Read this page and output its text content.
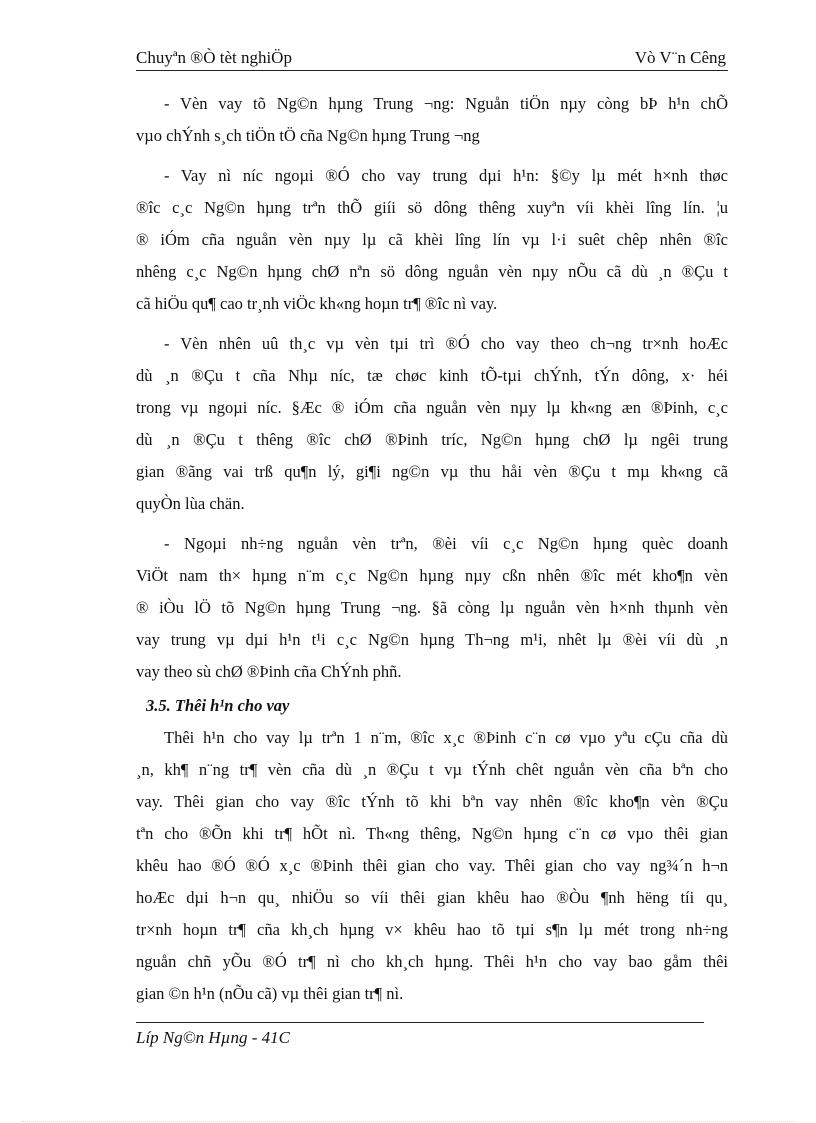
Chuyªn ®Ò tèt nghiÖp	Vò V¨n Cêng
- Vèn vay tõ Ng©n hµng Trung ¬ng: Nguån tiÖn nµy còng bÞ h¹n chÕ
vµo chÝnh s¸ch tiÖn tÖ cña Ng©n hµng Trung ¬ng
- Vay nì níc ngoµi ®Ó cho vay trung dµi h¹n: §©y lµ mét h×nh thøc
®îc c¸c Ng©n hµng trªn thÕ giíi sö dông thêng xuyªn víi khèi lîng lín. ¦u
® iÓm cña nguån vèn nµy lµ cã khèi lîng lín vµ l·i suêt chêp nhên ®îc
nhêng c¸c Ng©n hµng chØ nªn sö dông nguån vèn nµy nÕu cã dù ¸n ®Çu t
cã hiÖu qu¶ cao tr¸nh viÖc kh«ng hoµn tr¶ ®îc nì vay.
- Vèn nhên uû th¸c vµ vèn tµi trì ®Ó cho vay theo ch¬ng tr×nh hoÆc
dù ¸n ®Çu t cña Nhµ níc, tæ chøc kinh tÕ-tµi chÝnh, tÝn dông, x· héi
trong vµ ngoµi níc. §Æc ® iÓm cña nguån vèn nµy lµ kh«ng æn ®Þinh, c¸c
dù ¸n ®Çu t thêng ®îc chØ ®Þinh tríc, Ng©n hµng chØ lµ ngêi trung
gian ®ãng vai trß qu¶n lý, gi¶i ng©n vµ thu håi vèn ®Çu t mµ kh«ng cã
quyÒn lùa chän.
- Ngoµi nh÷ng nguån vèn trªn, ®èi víi c¸c Ng©n hµng quèc doanh
ViÖt nam th× hµng n¨m c¸c Ng©n hµng nµy cßn nhên ®îc mét kho¶n vèn
® iÒu lÖ tõ Ng©n hµng Trung ¬ng. §ã còng lµ nguån vèn h×nh thµnh vèn
vay trung vµ dµi h¹n t¹i c¸c Ng©n hµng Th¬ng m¹i, nhêt lµ ®èi víi dù ¸n
vay theo sù chØ ®Þinh cña ChÝnh phñ.
3.5. Thêi h¹n cho vay
Thêi h¹n cho vay lµ trªn 1 n¨m, ®îc x¸c ®Þinh c¨n cø vµo yªu cÇu cña dù
¸n, kh¶ n¨ng tr¶ vèn cña dù ¸n ®Çu t vµ tÝnh chêt nguån vèn cña bªn cho
vay. Thêi gian cho vay ®îc tÝnh tõ khi bªn vay nhên ®îc kho¶n vèn ®Çu
tªn cho ®Õn khi tr¶ hÕt nì. Th«ng thêng, Ng©n hµng c¨n cø vµo thêi gian
khêu hao ®Ó ®Ó x¸c ®Þinh thêi gian cho vay. Thêi gian cho vay ng¾´n h¬n
hoÆc dµi h¬n qu¸ nhiÖu so víi thêi gian khêu hao ®Òu ¶nh hëng tíi qu¸
tr×nh hoµn tr¶ cña kh¸ch hµng v× khêu hao tõ tµi s¶n lµ mét trong nh÷ng
nguån chñ yÕu ®Ó tr¶ nì cho kh¸ch hµng. Thêi h¹n cho vay bao gåm thêi
gian ©n h¹n (nÕu cã) vµ thêi gian tr¶ nì.
Líp Ng©n Hµng - 41C
